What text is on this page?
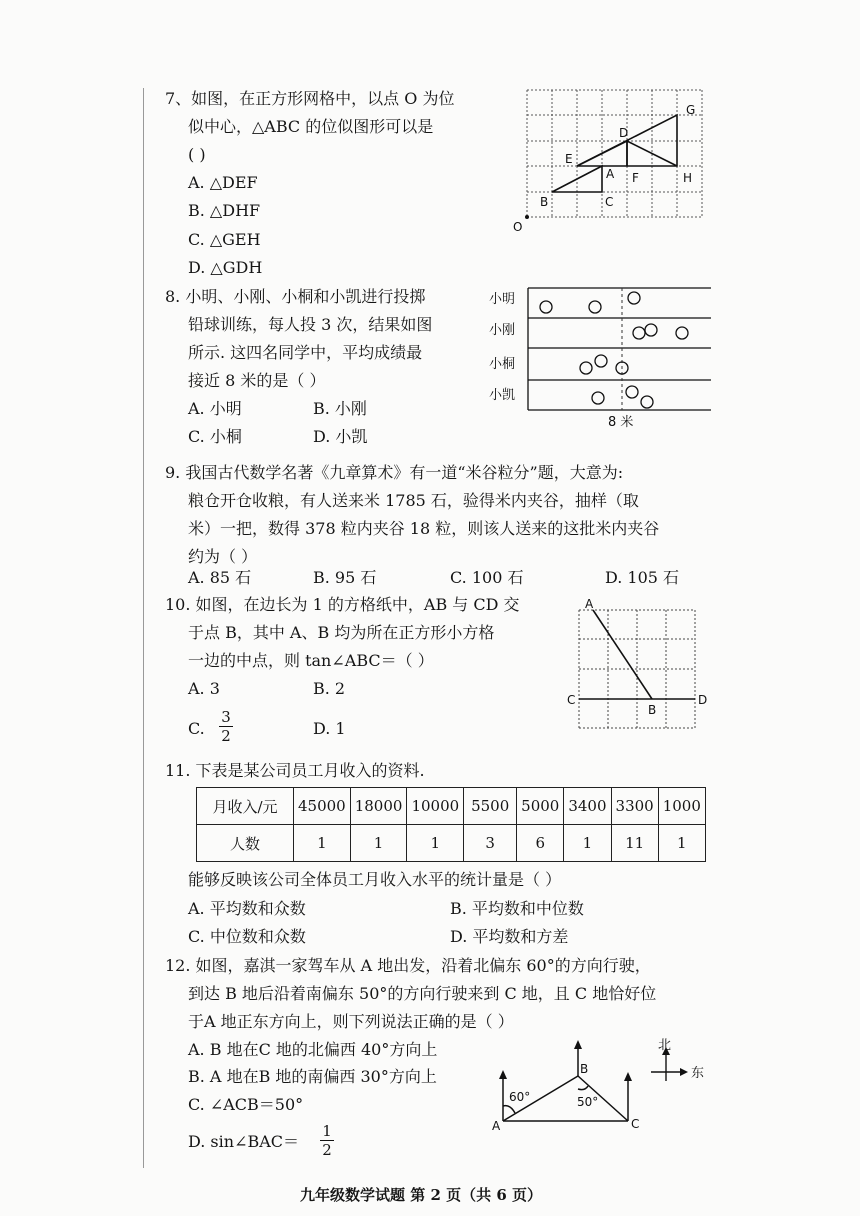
7、如图，在正方形网格中，以点 O 为位
似中心，△ABC 的位似图形可以是
( )
A. △DEF
B. △DHF
C. △GEH
D. △GDH
G
D
E
A F	H
B	C
O
8. 小明、小刚、小桐和小凯进行投掷
铅球训练，每人投 3 次，结果如图
所示. 这四名同学中，平均成绩最
接近 8 米的是（ ）
A. 小明	B. 小刚
C. 小桐	D. 小凯
小明
小刚
小桐
小凯
8 米
9. 我国古代数学名著《九章算术》有一道“米谷粒分”题，大意为:
粮仓开仓收粮，有人送来米 1785 石，验得米内夹谷，抽样（取
米）一把，数得 378 粒内夹谷 18 粒，则该人送来的这批米内夹谷
约为（ ）
A. 85 石	B. 95 石	C. 100 石	D. 105 石
10. 如图，在边长为 1 的方格纸中，AB 与 CD 交
于点 B，其中 A、B 均为所在正方形小方格
一边的中点，则 tan∠ABC＝（ ）
A. 3	B. 2
C. $\frac{3}{2}$	D. 1
A
B
C	D
11. 下表是某公司员工月收入的资料.
月收入/元	45000	18000	10000	5500	5000	3400	3300	1000
人数	1	1	1	3	6	1	11	1
能够反映该公司全体员工月收入水平的统计量是（ ）
A. 平均数和众数	B. 平均数和中位数
C. 中位数和众数	D. 平均数和方差
12. 如图，嘉淇一家驾车从 A 地出发，沿着北偏东 60°的方向行驶，
到达 B 地后沿着南偏东 50°的方向行驶来到 C 地，且 C 地恰好位
于A 地正东方向上，则下列说法正确的是（ ）
A. B 地在C 地的北偏西 40°方向上
B. A 地在B 地的南偏西 30°方向上
C. ∠ACB＝50°
D. sin∠BAC＝ $\frac{1}{2}$
北
东
60°	50°
A
B
C
九年级数学试题 第 2 页（共 6 页）
